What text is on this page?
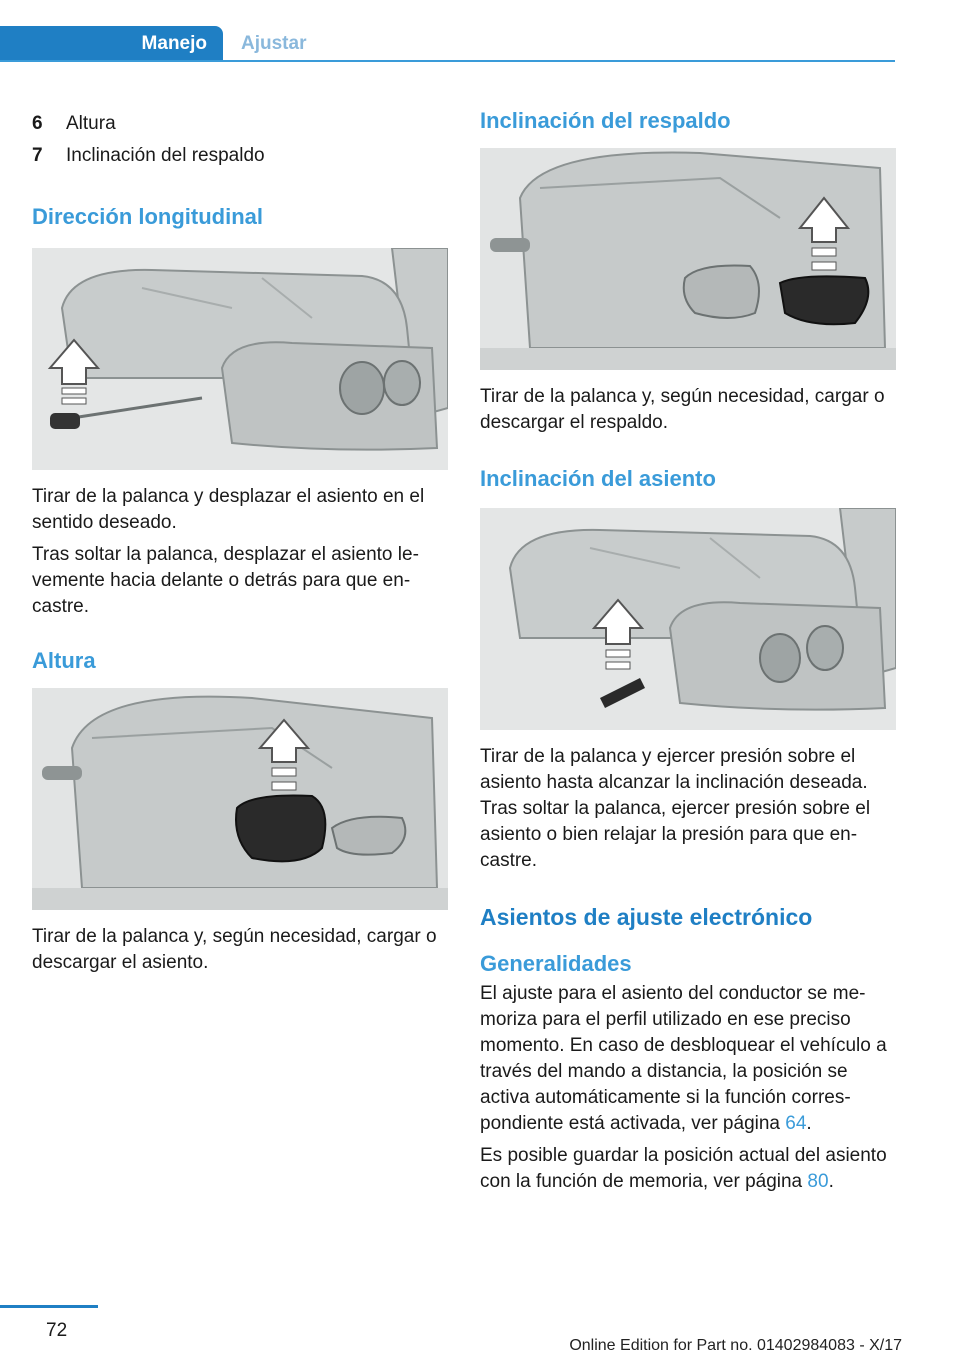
Manejo Ajustar
6 Altura
7 Inclinación del respaldo
Dirección longitudinal

Tirar de la palanca y desplazar el asiento en el sentido deseado.

Tras soltar la palanca, desplazar el asiento levemente hacia delante o detrás para que encastre.

Altura

Tirar de la palanca y, según necesidad, cargar o descargar el asiento.

Inclinación del respaldo

Tirar de la palanca y, según necesidad, cargar o descargar el respaldo.

Inclinación del asiento

Tirar de la palanca y ejercer presión sobre el asiento hasta alcanzar la inclinación deseada. Tras soltar la palanca, ejercer presión sobre el asiento o bien relajar la presión para que encastre.

Asientos de ajuste electrónico
Generalidades

El ajuste para el asiento del conductor se memoriza para el perfil utilizado en ese preciso momento. En caso de desbloquear el vehículo a través del mando a distancia, la posición se activa automáticamente si la función correspondiente está activada, ver página 64.

Es posible guardar la posición actual del asiento con la función de memoria, ver página 80.

72
Online Edition for Part no. 01402984083 - X/17
